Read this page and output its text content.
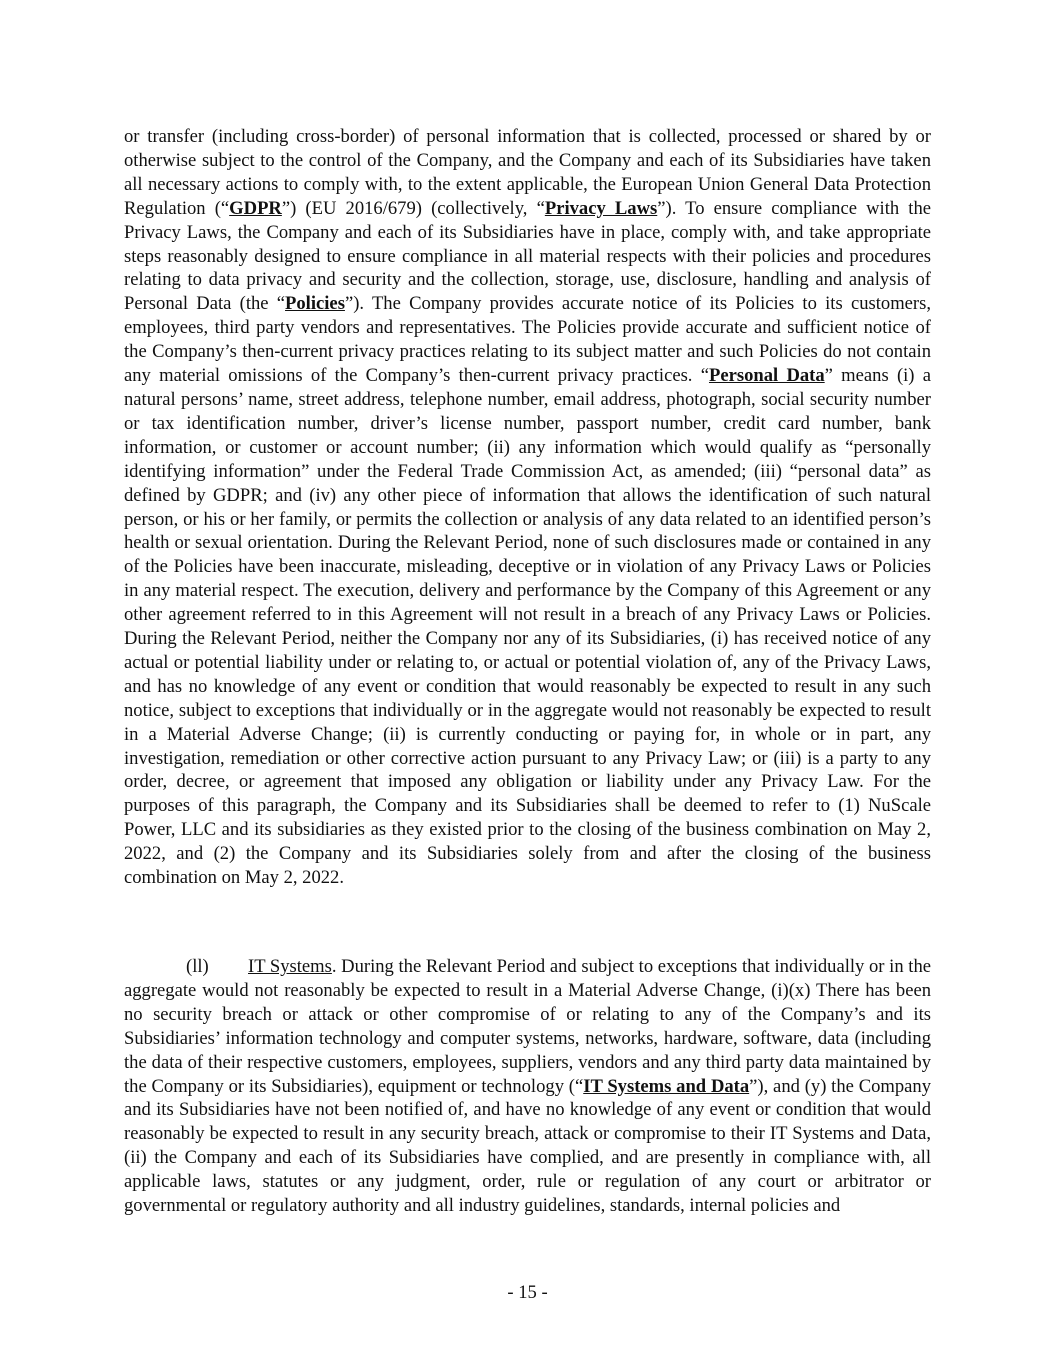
or transfer (including cross-border) of personal information that is collected, processed or shared by or otherwise subject to the control of the Company, and the Company and each of its Subsidiaries have taken all necessary actions to comply with, to the extent applicable, the European Union General Data Protection Regulation (“GDPR”) (EU 2016/679) (collectively, “Privacy Laws”). To ensure compliance with the Privacy Laws, the Company and each of its Subsidiaries have in place, comply with, and take appropriate steps reasonably designed to ensure compliance in all material respects with their policies and procedures relating to data privacy and security and the collection, storage, use, disclosure, handling and analysis of Personal Data (the “Policies”). The Company provides accurate notice of its Policies to its customers, employees, third party vendors and representatives. The Policies provide accurate and sufficient notice of the Company’s then-current privacy practices relating to its subject matter and such Policies do not contain any material omissions of the Company’s then-current privacy practices. “Personal Data” means (i) a natural persons’ name, street address, telephone number, email address, photograph, social security number or tax identification number, driver’s license number, passport number, credit card number, bank information, or customer or account number; (ii) any information which would qualify as “personally identifying information” under the Federal Trade Commission Act, as amended; (iii) “personal data” as defined by GDPR; and (iv) any other piece of information that allows the identification of such natural person, or his or her family, or permits the collection or analysis of any data related to an identified person’s health or sexual orientation. During the Relevant Period, none of such disclosures made or contained in any of the Policies have been inaccurate, misleading, deceptive or in violation of any Privacy Laws or Policies in any material respect. The execution, delivery and performance by the Company of this Agreement or any other agreement referred to in this Agreement will not result in a breach of any Privacy Laws or Policies. During the Relevant Period, neither the Company nor any of its Subsidiaries, (i) has received notice of any actual or potential liability under or relating to, or actual or potential violation of, any of the Privacy Laws, and has no knowledge of any event or condition that would reasonably be expected to result in any such notice, subject to exceptions that individually or in the aggregate would not reasonably be expected to result in a Material Adverse Change; (ii) is currently conducting or paying for, in whole or in part, any investigation, remediation or other corrective action pursuant to any Privacy Law; or (iii) is a party to any order, decree, or agreement that imposed any obligation or liability under any Privacy Law. For the purposes of this paragraph, the Company and its Subsidiaries shall be deemed to refer to (1) NuScale Power, LLC and its subsidiaries as they existed prior to the closing of the business combination on May 2, 2022, and (2) the Company and its Subsidiaries solely from and after the closing of the business combination on May 2, 2022.

(ll) IT Systems. During the Relevant Period and subject to exceptions that individually or in the aggregate would not reasonably be expected to result in a Material Adverse Change, (i)(x) There has been no security breach or attack or other compromise of or relating to any of the Company’s and its Subsidiaries’ information technology and computer systems, networks, hardware, software, data (including the data of their respective customers, employees, suppliers, vendors and any third party data maintained by the Company or its Subsidiaries), equipment or technology (“IT Systems and Data”), and (y) the Company and its Subsidiaries have not been notified of, and have no knowledge of any event or condition that would reasonably be expected to result in any security breach, attack or compromise to their IT Systems and Data, (ii) the Company and each of its Subsidiaries have complied, and are presently in compliance with, all applicable laws, statutes or any judgment, order, rule or regulation of any court or arbitrator or governmental or regulatory authority and all industry guidelines, standards, internal policies and

- 15 -
